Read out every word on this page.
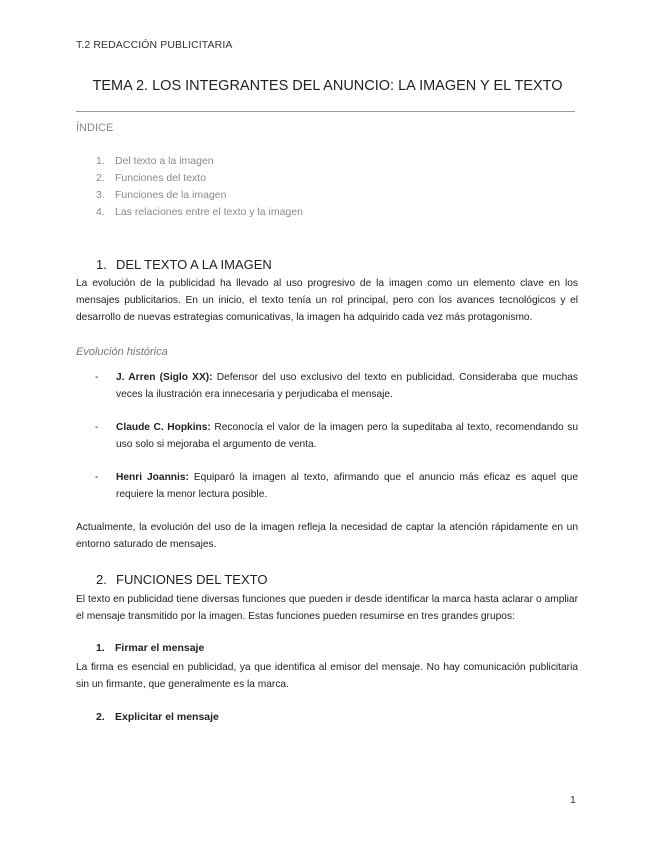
T.2 REDACCIÓN PUBLICITARIA
TEMA 2. LOS INTEGRANTES DEL ANUNCIO: LA IMAGEN Y EL TEXTO
ÍNDICE
1. Del texto a la imagen
2. Funciones del texto
3. Funciones de la imagen
4. Las relaciones entre el texto y la imagen
1. DEL TEXTO A LA IMAGEN
La evolución de la publicidad ha llevado al uso progresivo de la imagen como un elemento clave en los mensajes publicitarios. En un inicio, el texto tenía un rol principal, pero con los avances tecnológicos y el desarrollo de nuevas estrategias comunicativas, la imagen ha adquirido cada vez más protagonismo.
Evolución histórica
- J. Arren (Siglo XX): Defensor del uso exclusivo del texto en publicidad. Consideraba que muchas veces la ilustración era innecesaria y perjudicaba el mensaje.
- Claude C. Hopkins: Reconocía el valor de la imagen pero la supeditaba al texto, recomendando su uso solo si mejoraba el argumento de venta.
- Henri Joannis: Equiparó la imagen al texto, afirmando que el anuncio más eficaz es aquel que requiere la menor lectura posible.
Actualmente, la evolución del uso de la imagen refleja la necesidad de captar la atención rápidamente en un entorno saturado de mensajes.
2. FUNCIONES DEL TEXTO
El texto en publicidad tiene diversas funciones que pueden ir desde identificar la marca hasta aclarar o ampliar el mensaje transmitido por la imagen. Estas funciones pueden resumirse en tres grandes grupos:
1. Firmar el mensaje
La firma es esencial en publicidad, ya que identifica al emisor del mensaje. No hay comunicación publicitaria sin un firmante, que generalmente es la marca.
2. Explicitar el mensaje
1
